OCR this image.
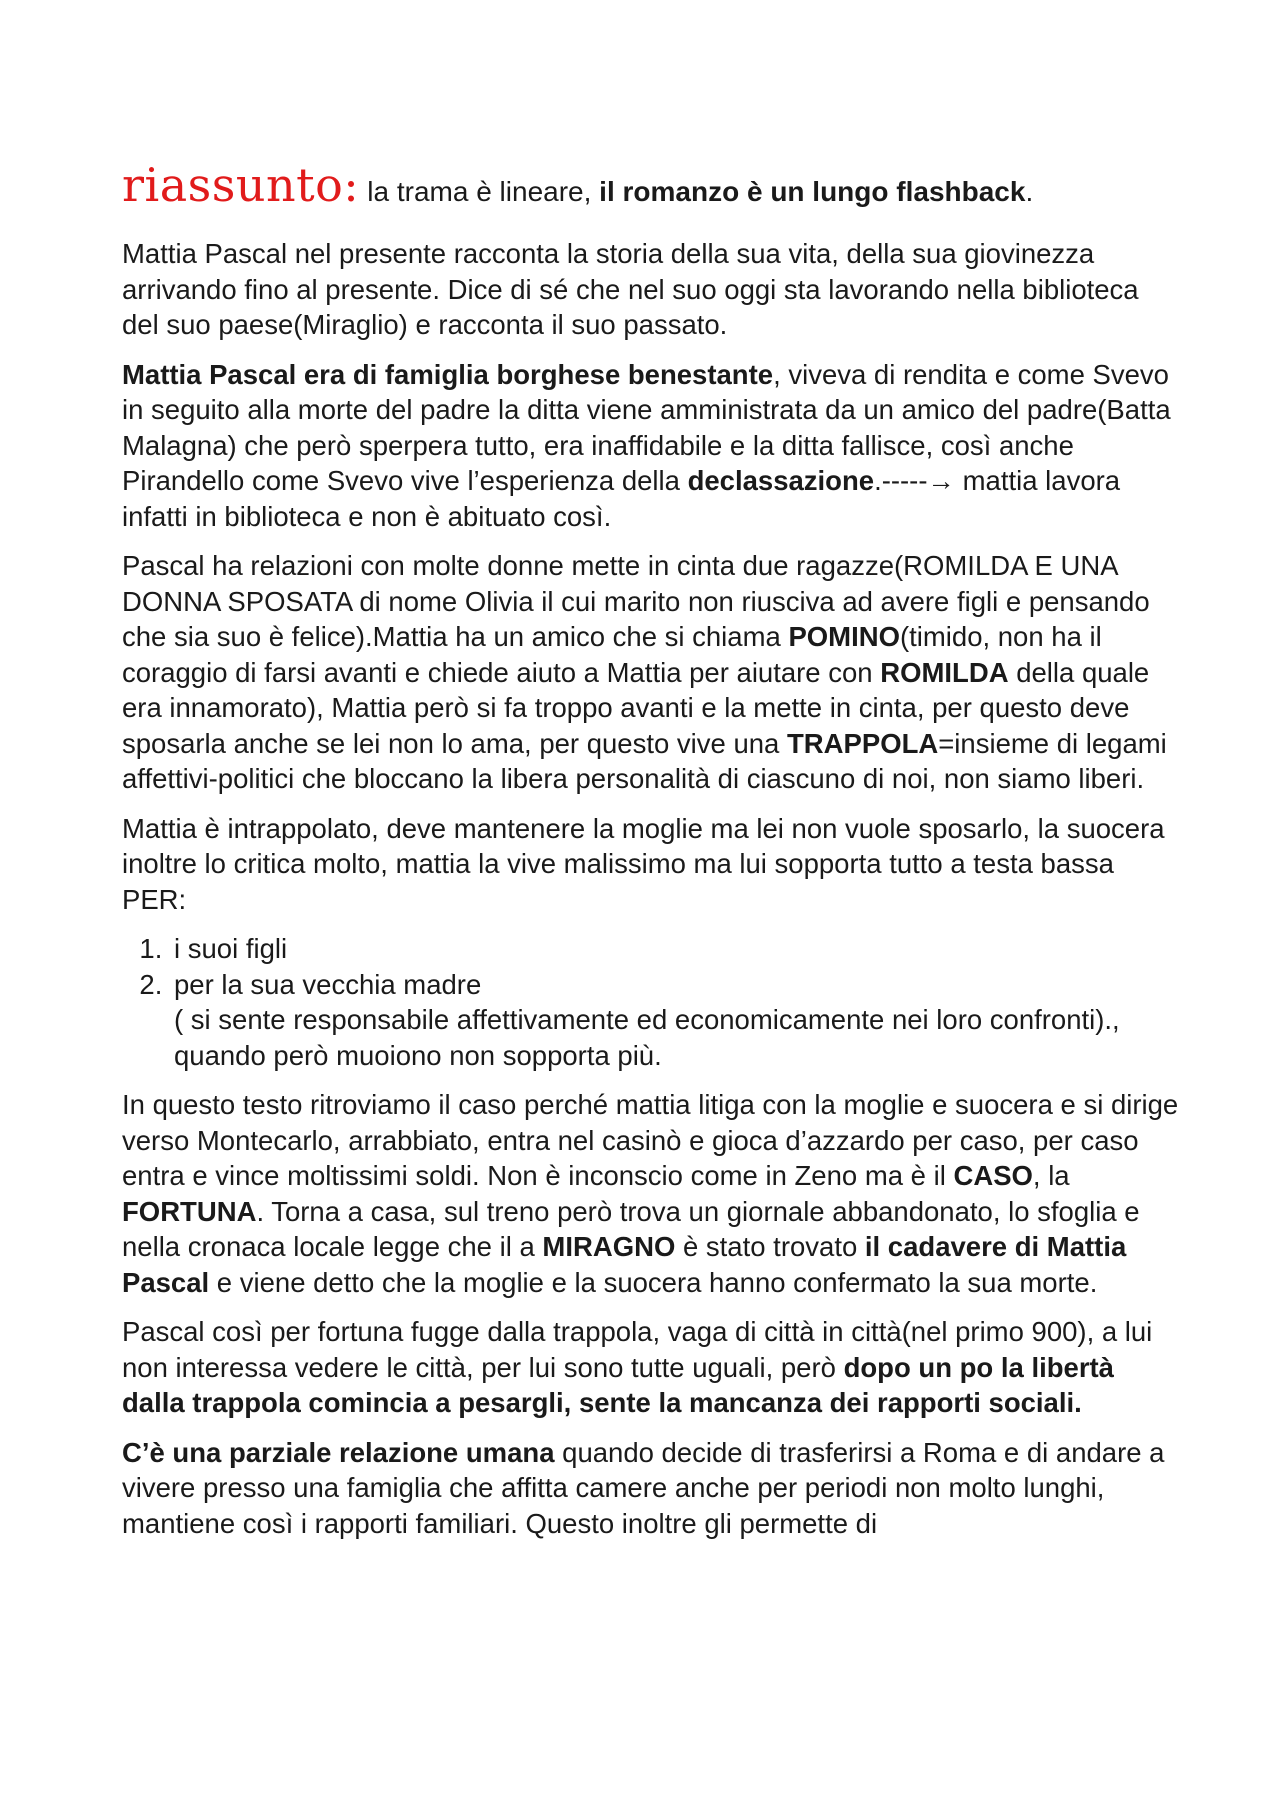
riassunto: la trama è lineare, il romanzo è un lungo flashback.

Mattia Pascal nel presente racconta la storia della sua vita, della sua giovinezza arrivando fino al presente. Dice di sé che nel suo oggi sta lavorando nella biblioteca del suo paese(Miraglio) e racconta il suo passato.

Mattia Pascal era di famiglia borghese benestante, viveva di rendita e come Svevo in seguito alla morte del padre la ditta viene amministrata da un amico del padre(Batta Malagna) che però sperpera tutto, era inaffidabile e la ditta fallisce, così anche Pirandello come Svevo vive l’esperienza della declassazione.-----→ mattia lavora infatti in biblioteca e non è abituato così.

Pascal ha relazioni con molte donne mette in cinta due ragazze(ROMILDA E UNA DONNA SPOSATA di nome Olivia il cui marito non riusciva ad avere figli e pensando che sia suo è felice).Mattia ha un amico che si chiama POMINO(timido, non ha il coraggio di farsi avanti e chiede aiuto a Mattia per aiutare con ROMILDA della quale era innamorato), Mattia però si fa troppo avanti e la mette in cinta, per questo deve sposarla anche se lei non lo ama, per questo vive una TRAPPOLA=insieme di legami affettivi-politici che bloccano la libera personalità di ciascuno di noi, non siamo liberi.

Mattia è intrappolato, deve mantenere la moglie ma lei non vuole sposarlo, la suocera inoltre lo critica molto, mattia la vive malissimo ma lui sopporta tutto a testa bassa PER:

1. i suoi figli
2. per la sua vecchia madre
( si sente responsabile affettivamente ed economicamente nei loro confronti)., quando però muoiono non sopporta più.

In questo testo ritroviamo il caso perché mattia litiga con la moglie e suocera e si dirige verso Montecarlo, arrabbiato, entra nel casinò e gioca d’azzardo per caso, per caso entra e vince moltissimi soldi. Non è inconscio come in Zeno ma è il CASO, la FORTUNA. Torna a casa, sul treno però trova un giornale abbandonato, lo sfoglia e nella cronaca locale legge che il a MIRAGNO è stato trovato il cadavere di Mattia Pascal e viene detto che la moglie e la suocera hanno confermato la sua morte.

Pascal così per fortuna fugge dalla trappola, vaga di città in città(nel primo 900), a lui non interessa vedere le città, per lui sono tutte uguali, però dopo un po la libertà dalla trappola comincia a pesargli, sente la mancanza dei rapporti sociali.

C’è una parziale relazione umana quando decide di trasferirsi a Roma e di andare a vivere presso una famiglia che affitta camere anche per periodi non molto lunghi, mantiene così i rapporti familiari. Questo inoltre gli permette di
